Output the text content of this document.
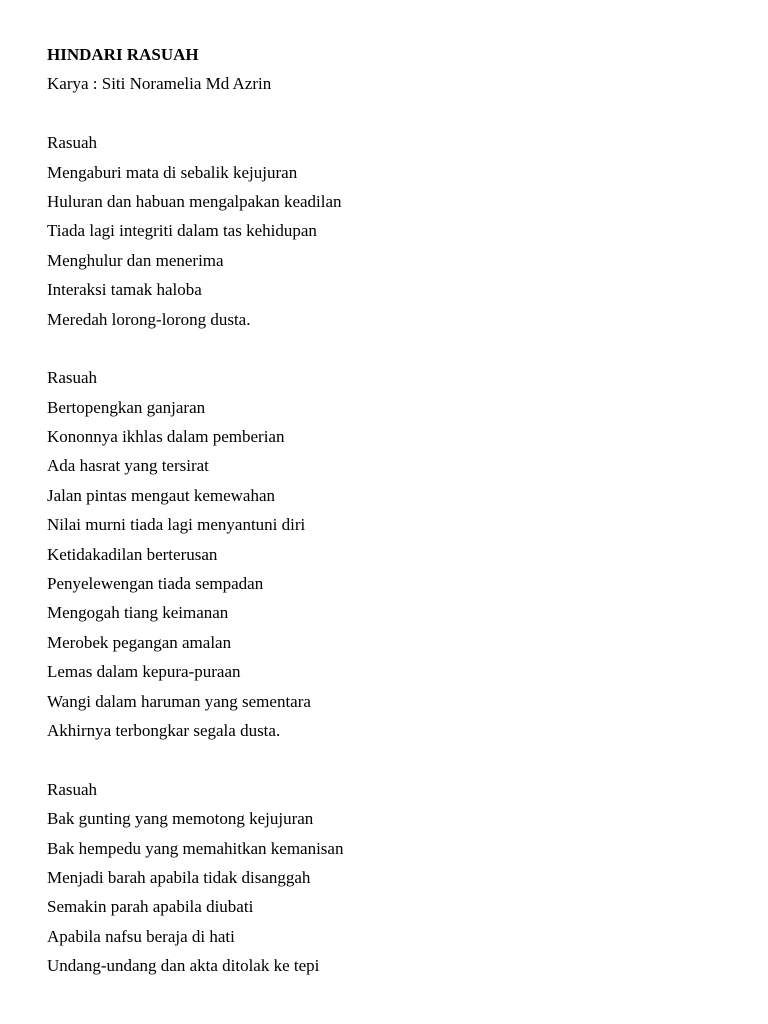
HINDARI RASUAH
Karya : Siti Noramelia Md Azrin
Rasuah
Mengaburi mata di sebalik kejujuran
Huluran dan habuan mengalpakan keadilan
Tiada lagi integriti dalam tas kehidupan
Menghulur dan menerima
Interaksi tamak haloba
Meredah lorong-lorong dusta.
Rasuah
Bertopengkan ganjaran
Kononnya ikhlas dalam pemberian
Ada hasrat yang tersirat
Jalan pintas mengaut kemewahan
Nilai murni tiada lagi menyantuni diri
Ketidakadilan berterusan
Penyelewengan tiada sempadan
Mengogah tiang keimanan
Merobek pegangan amalan
Lemas dalam kepura-puraan
Wangi dalam haruman yang sementara
Akhirnya terbongkar segala dusta.
Rasuah
Bak gunting yang memotong kejujuran
Bak hempedu yang memahitkan kemanisan
Menjadi barah apabila tidak disanggah
Semakin parah apabila diubati
Apabila nafsu beraja di hati
Undang-undang dan akta ditolak ke tepi
